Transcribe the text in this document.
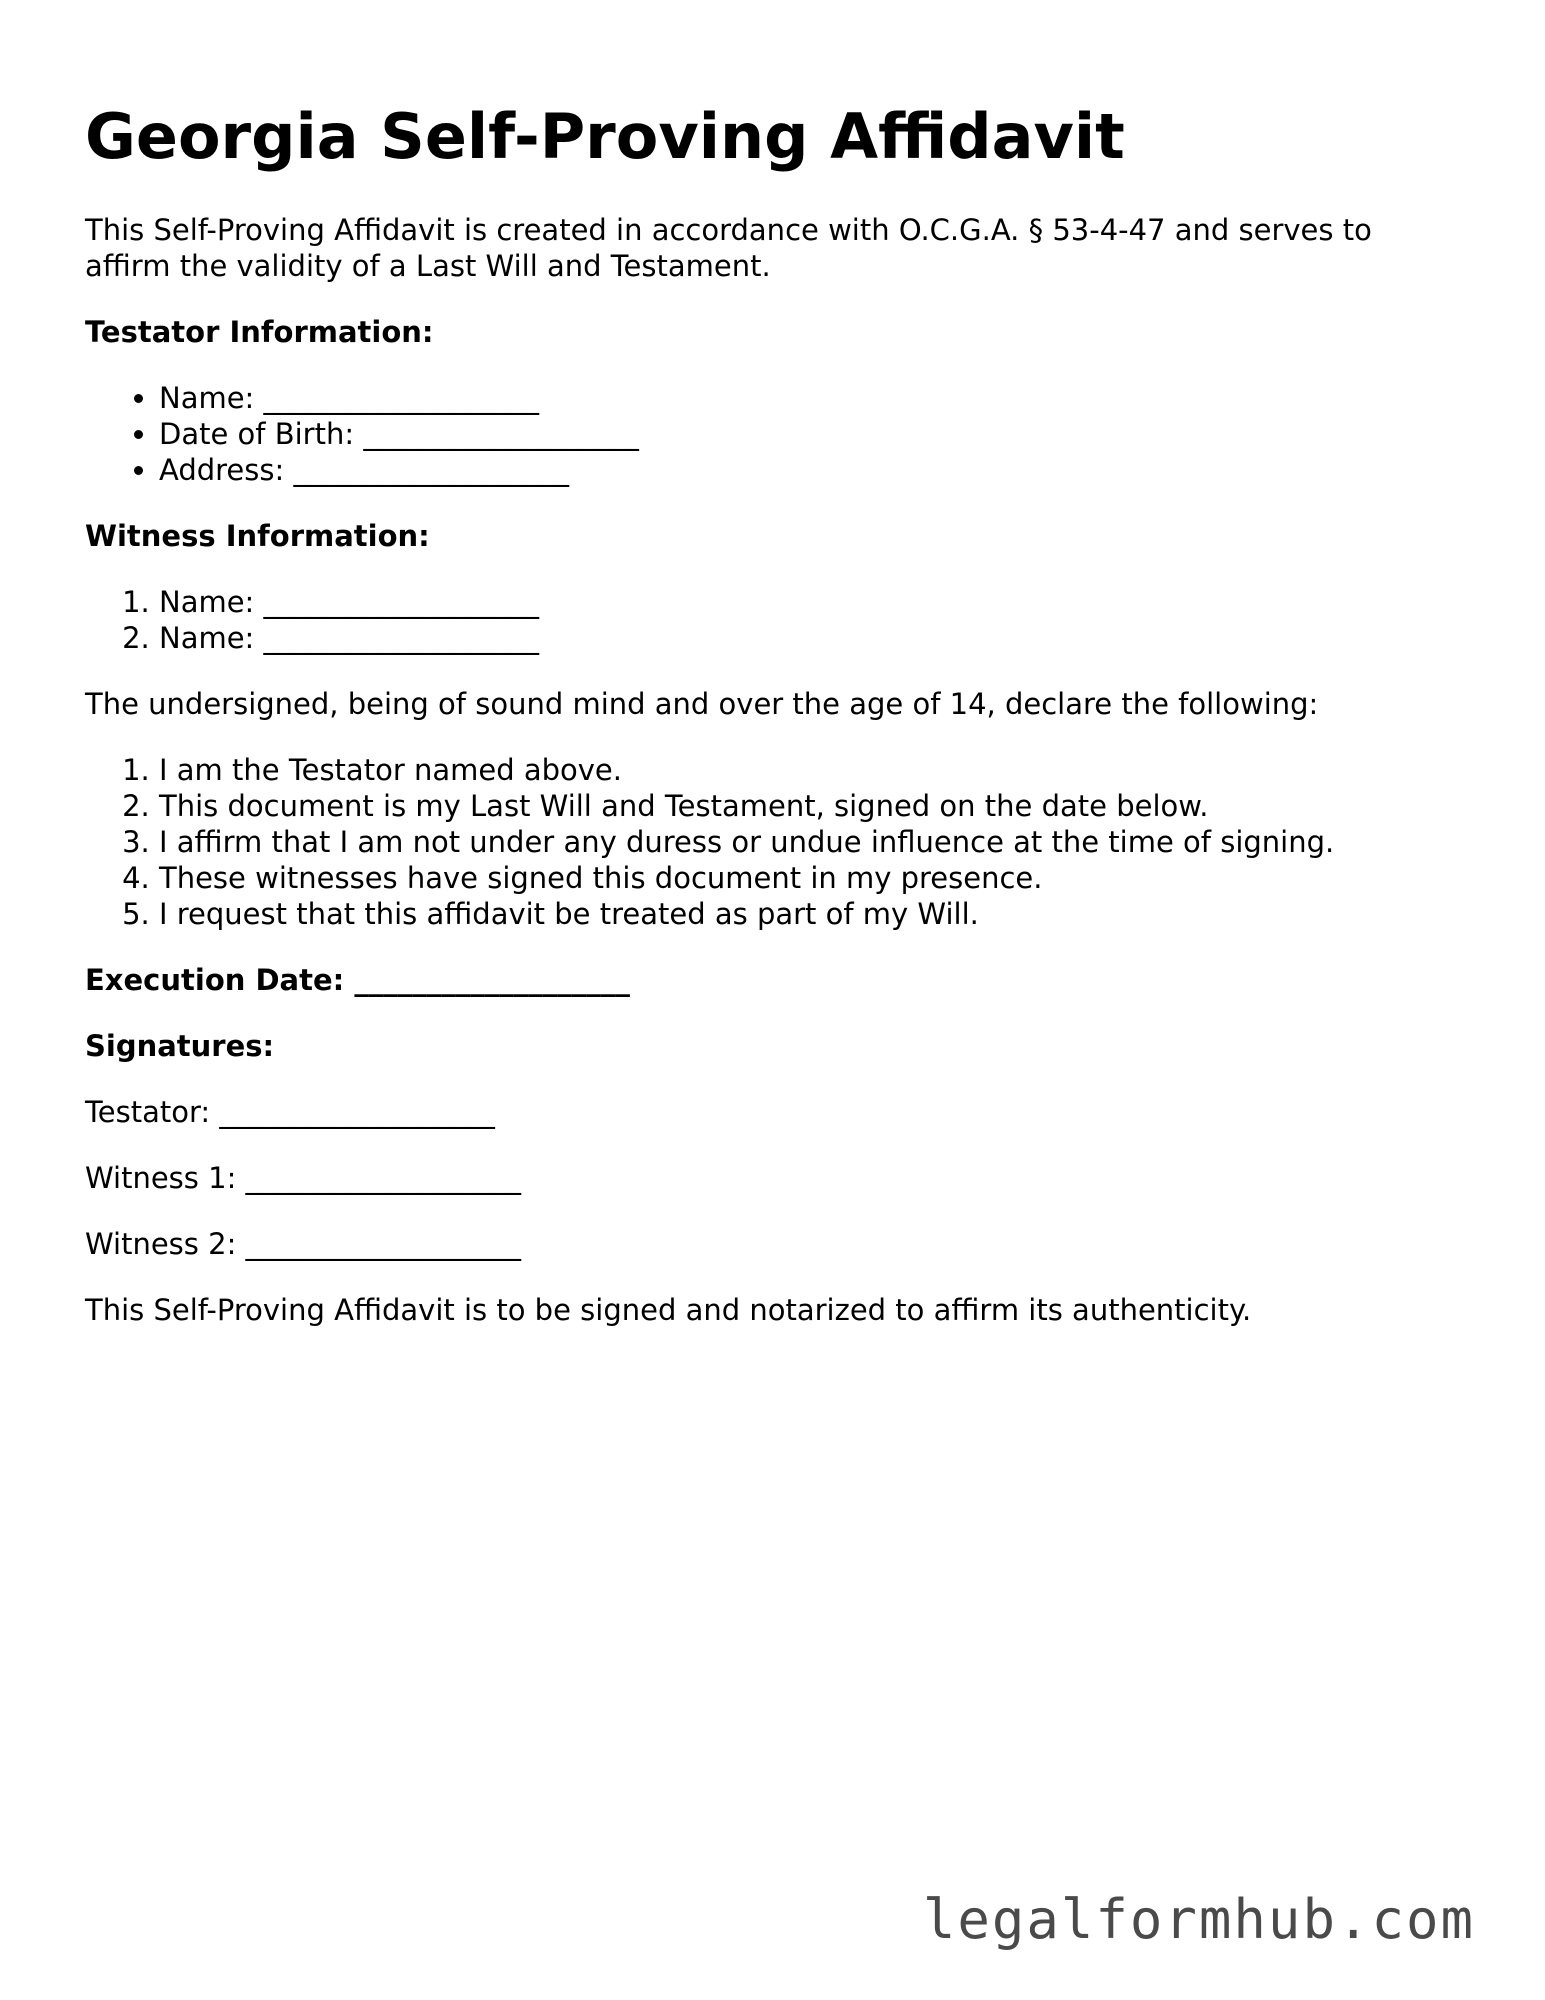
Georgia Self-Proving Affidavit

This Self-Proving Affidavit is created in accordance with O.C.G.A. § 53-4-47 and serves to affirm the validity of a Last Will and Testament.

Testator Information:

• Name: ___________________
• Date of Birth: ___________________
• Address: ___________________

Witness Information:

1. Name: ___________________
2. Name: ___________________

The undersigned, being of sound mind and over the age of 14, declare the following:

1. I am the Testator named above.
2. This document is my Last Will and Testament, signed on the date below.
3. I affirm that I am not under any duress or undue influence at the time of signing.
4. These witnesses have signed this document in my presence.
5. I request that this affidavit be treated as part of my Will.

Execution Date: ___________________

Signatures:

Testator: ___________________

Witness 1: ___________________

Witness 2: ___________________

This Self-Proving Affidavit is to be signed and notarized to affirm its authenticity.

legalformhub.com
